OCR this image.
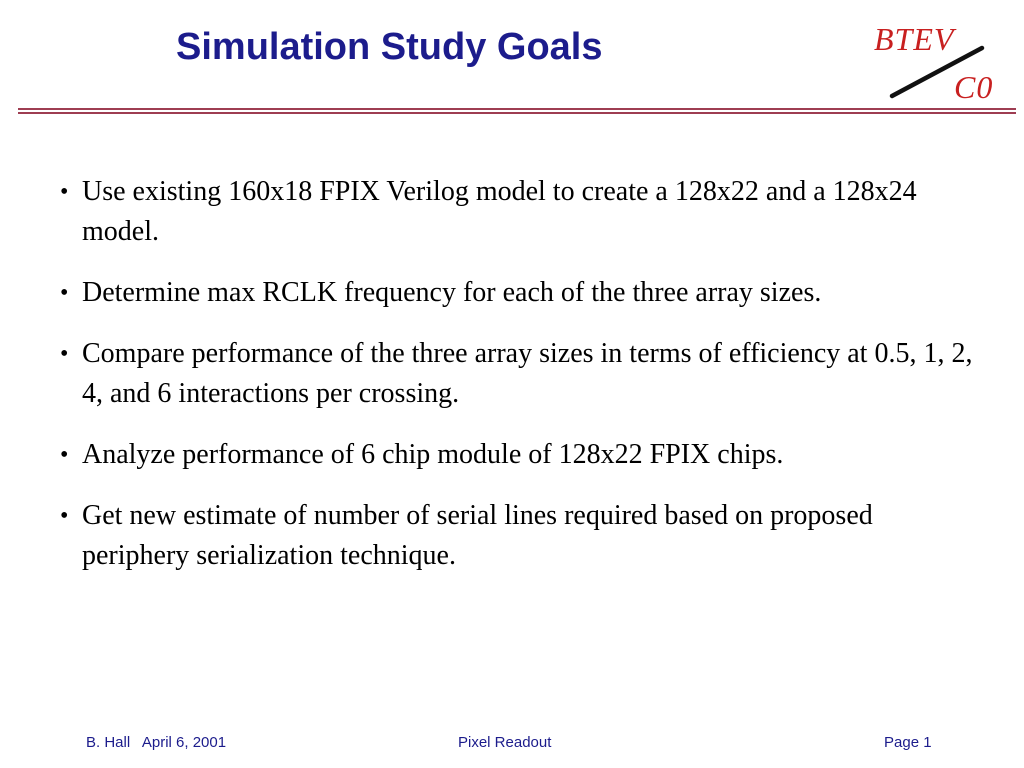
Simulation Study Goals	BTEV
C0
• Use existing 160x18 FPIX Verilog model to create a 128x22 and a 128x24 model.
• Determine max RCLK frequency for each of the three array sizes.
• Compare performance of the three array sizes in terms of efficiency at 0.5, 1, 2, 4, and 6 interactions per crossing.
• Analyze performance of 6 chip module of 128x22 FPIX chips.
• Get new estimate of number of serial lines required based on proposed periphery serialization technique.
B. Hall   April 6, 2001	Pixel Readout	Page 1
